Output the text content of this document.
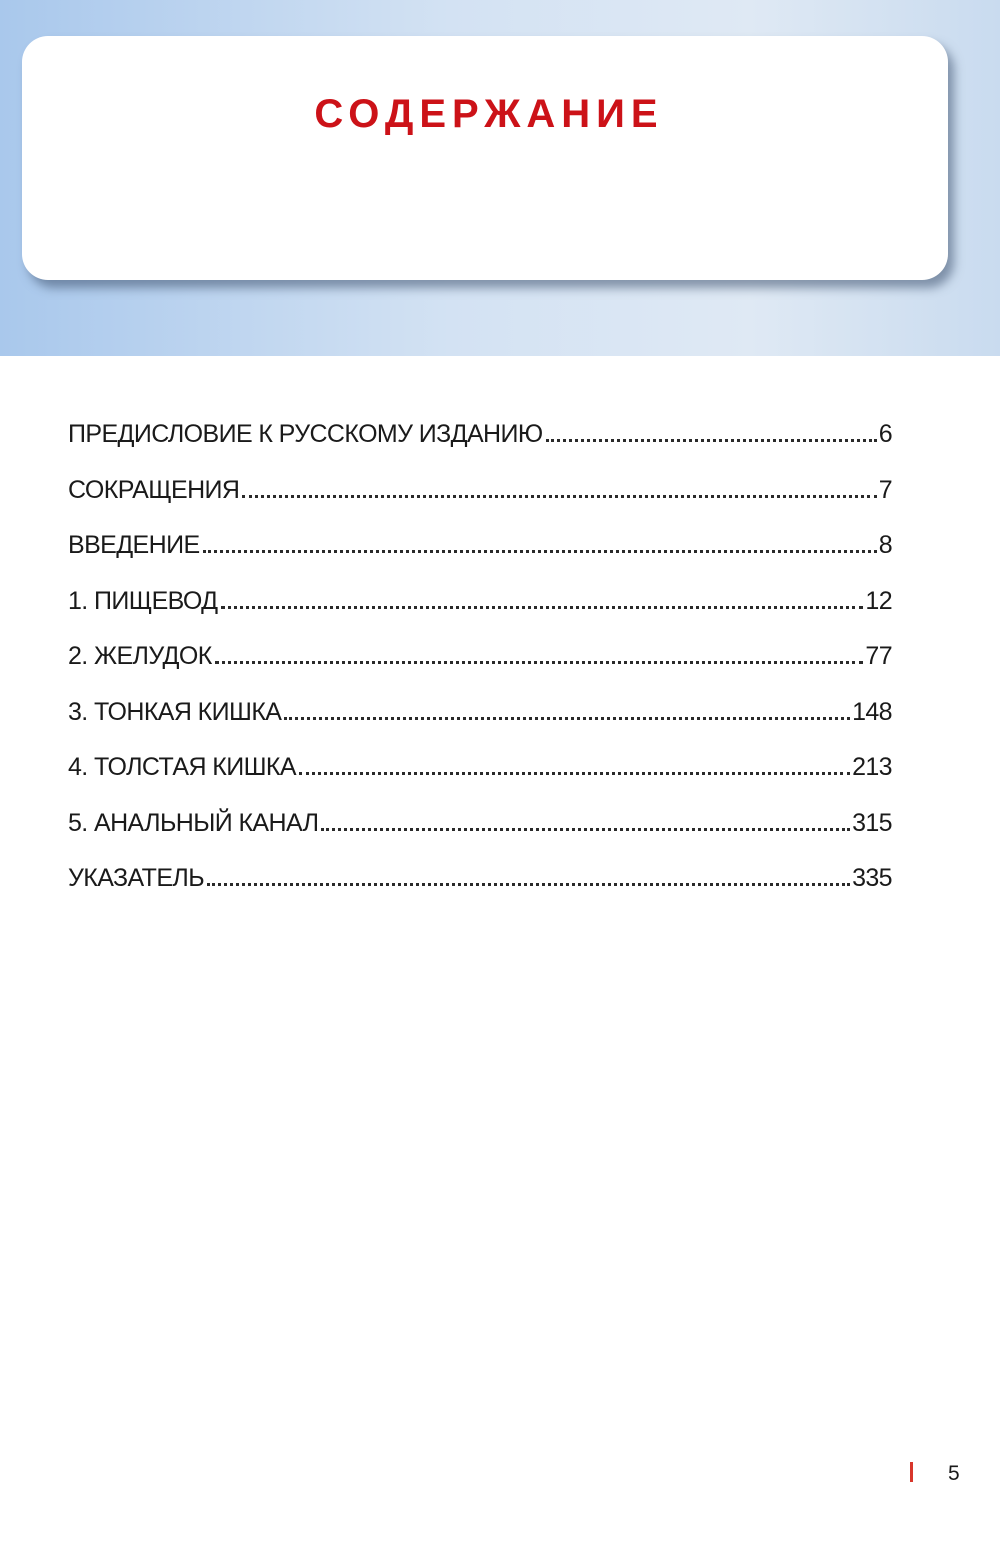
СОДЕРЖАНИЕ
ПРЕДИСЛОВИЕ К РУССКОМУ ИЗДАНИЮ	6
СОКРАЩЕНИЯ	7
ВВЕДЕНИЕ	8
1. ПИЩЕВОД	12
2. ЖЕЛУДОК	77
3. ТОНКАЯ КИШКА	148
4. ТОЛСТАЯ КИШКА	213
5. АНАЛЬНЫЙ КАНАЛ	315
УКАЗАТЕЛЬ	335
5
